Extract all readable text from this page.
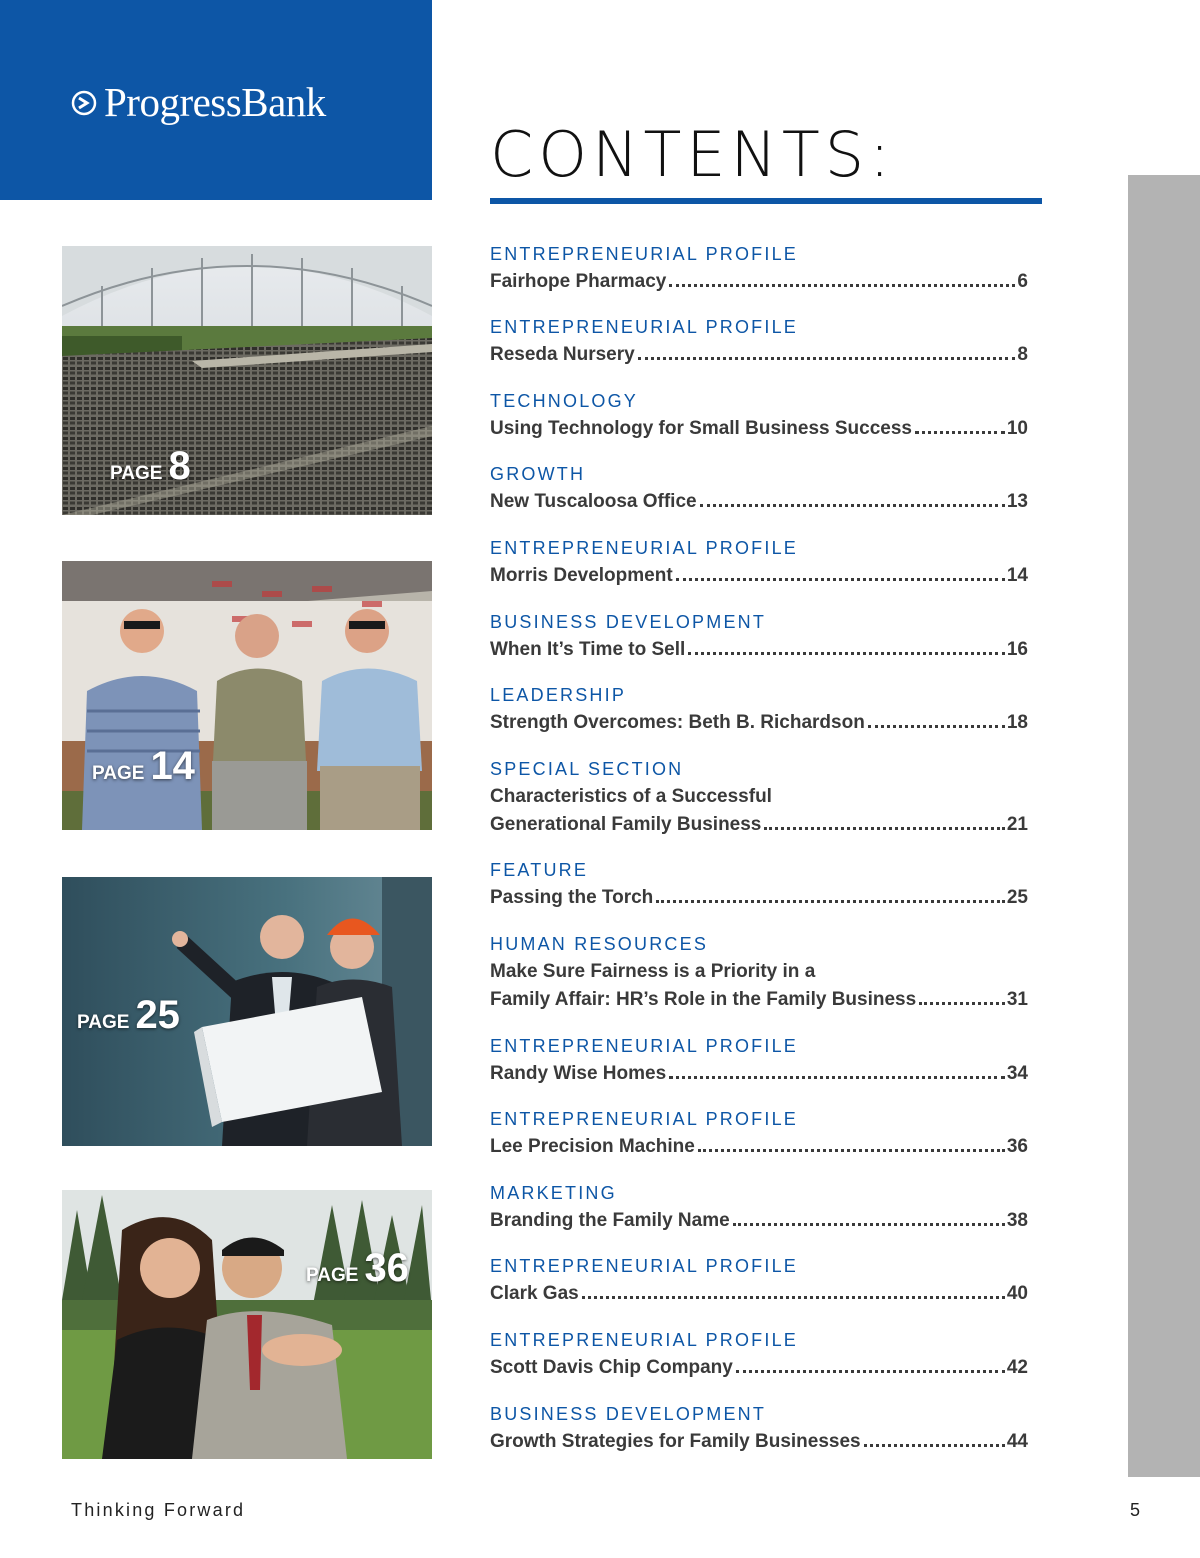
ProgressBank
CONTENTS:
PAGE 8
PAGE 14
PAGE 25
PAGE 36
ENTREPRENEURIAL PROFILE
Fairhope Pharmacy	6
ENTREPRENEURIAL PROFILE
Reseda Nursery	8
TECHNOLOGY
Using Technology for Small Business Success	10
GROWTH
New Tuscaloosa Office	13
ENTREPRENEURIAL PROFILE
Morris Development	14
BUSINESS DEVELOPMENT
When It’s Time to Sell	16
LEADERSHIP
Strength Overcomes: Beth B. Richardson	18
SPECIAL SECTION
Characteristics of a Successful
Generational Family Business	21
FEATURE
Passing the Torch	25
HUMAN RESOURCES
Make Sure Fairness is a Priority in a
Family Affair: HR’s Role in the Family Business	31
ENTREPRENEURIAL PROFILE
Randy Wise Homes	34
ENTREPRENEURIAL PROFILE
Lee Precision Machine	36
MARKETING
Branding the Family Name	38
ENTREPRENEURIAL PROFILE
Clark Gas	40
ENTREPRENEURIAL PROFILE
Scott Davis Chip Company	42
BUSINESS DEVELOPMENT
Growth Strategies for Family Businesses	44
Thinking Forward	5
